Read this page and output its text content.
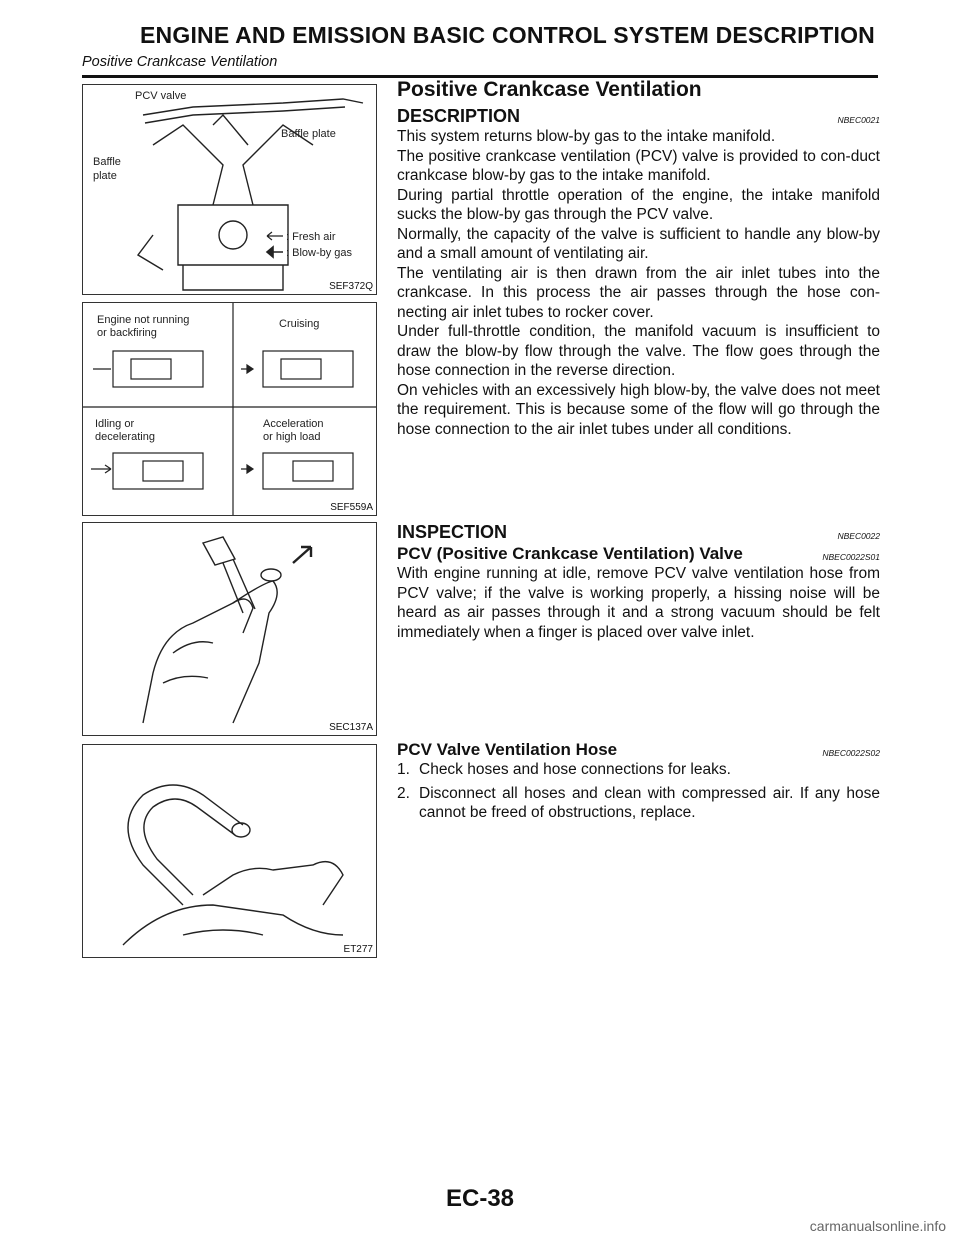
ENGINE AND EMISSION BASIC CONTROL SYSTEM DESCRIPTION
Positive Crankcase Ventilation
PCV valve
Baffle plate
Baffle
plate
: Fresh air
: Blow-by gas
SEF372Q
Engine not running
or backfiring
Cruising
Idling or
decelerating
Acceleration
or high load
SEF559A
SEC137A
ET277
Positive Crankcase Ventilation
DESCRIPTION	NBEC0021

This system returns blow-by gas to the intake manifold.

The positive crankcase ventilation (PCV) valve is provided to con-duct crankcase blow-by gas to the intake manifold.

During partial throttle operation of the engine, the intake manifold sucks the blow-by gas through the PCV valve.

Normally, the capacity of the valve is sufficient to handle any blow-by and a small amount of ventilating air.

The ventilating air is then drawn from the air inlet tubes into the crankcase. In this process the air passes through the hose con-necting air inlet tubes to rocker cover.

Under full-throttle condition, the manifold vacuum is insufficient to draw the blow-by flow through the valve. The flow goes through the hose connection in the reverse direction.

On vehicles with an excessively high blow-by, the valve does not meet the requirement. This is because some of the flow will go through the hose connection to the air inlet tubes under all conditions.

INSPECTION	NBEC0022
PCV (Positive Crankcase Ventilation) Valve	NBEC0022S01

With engine running at idle, remove PCV valve ventilation hose from PCV valve; if the valve is working properly, a hissing noise will be heard as air passes through it and a strong vacuum should be felt immediately when a finger is placed over valve inlet.

PCV Valve Ventilation Hose	NBEC0022S02
1. Check hoses and hose connections for leaks.
2. Disconnect all hoses and clean with compressed air. If any hose cannot be freed of obstructions, replace.
EC-38
carmanualsonline.info
